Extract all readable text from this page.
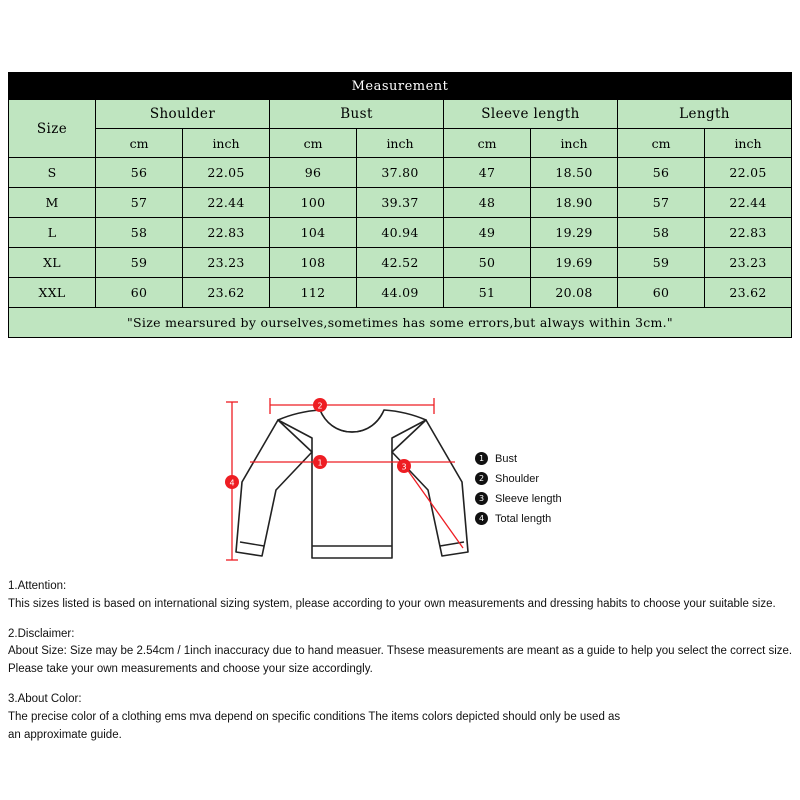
Measurement								
Size	Shoulder		Bust		Sleeve length		Length	
	cm	inch	cm	inch	cm	inch	cm	inch
S	56	22.05	96	37.80	47	18.50	56	22.05
M	57	22.44	100	39.37	48	18.90	57	22.44
L	58	22.83	104	40.94	49	19.29	58	22.83
XL	59	23.23	108	42.52	50	19.69	59	23.23
XXL	60	23.62	112	44.09	51	20.08	60	23.62
"Size mearsured by ourselves,sometimes has some errors,but always within 3cm."								
2
1	3
4
1 Bust
2 Shoulder
3 Sleeve length
4 Total length

1.Attention:

This sizes listed is based on international sizing system, please according to your own measurements and dressing habits to choose your suitable size.

2.Disclaimer:

About Size: Size may be 2.54cm / 1inch inaccuracy due to hand measuer. Thsese measurements are meant as a guide to help you select the correct size.

Please take your own measurements and choose your size accordingly.

3.About Color:

The precise color of a clothing ems mva depend on specific conditions The items colors depicted should only be used as

an approximate guide.
